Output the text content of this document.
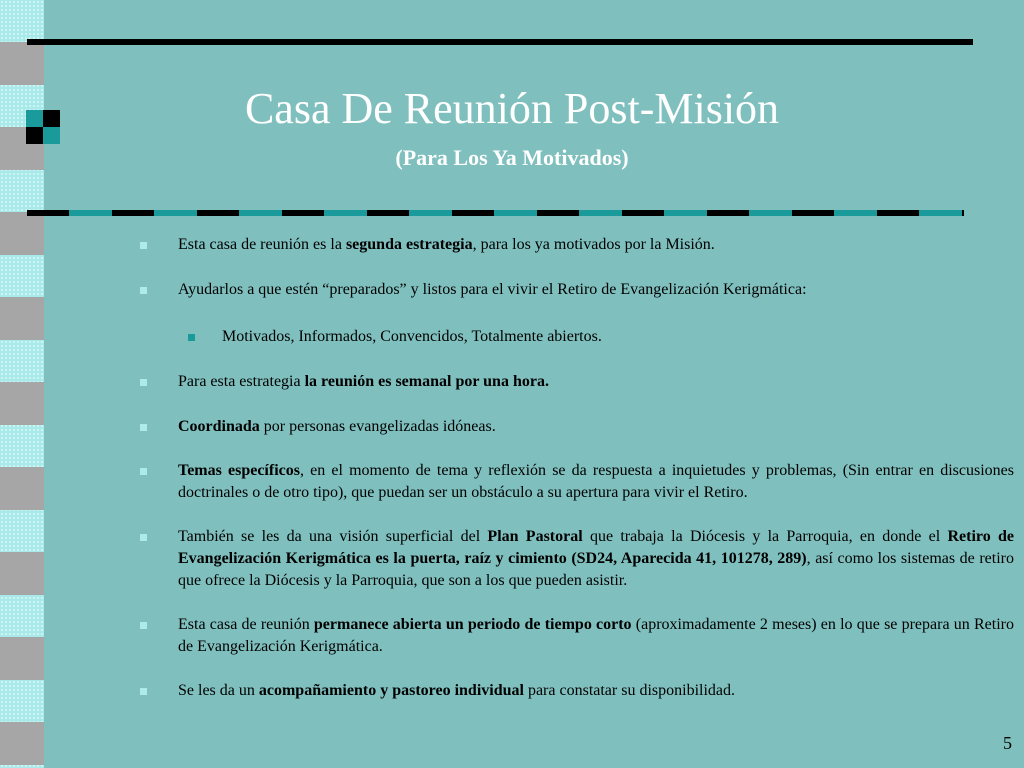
Casa De Reunión Post-Misión
(Para Los Ya Motivados)
Esta casa de reunión es la segunda estrategia, para los ya motivados por la Misión.
Ayudarlos a que estén “preparados” y listos para el vivir el Retiro de Evangelización Kerigmática:
Motivados, Informados, Convencidos, Totalmente abiertos.
Para esta estrategia la reunión es semanal por una hora.
Coordinada por personas evangelizadas idóneas.
Temas específicos, en el momento de tema y reflexión se da respuesta a inquietudes y problemas, (Sin entrar en discusiones doctrinales o de otro tipo), que puedan ser un obstáculo a su apertura para vivir el Retiro.
También se les da una visión superficial del Plan Pastoral que trabaja la Diócesis y la Parroquia, en donde el Retiro de Evangelización Kerigmática es la puerta, raíz y cimiento (SD24, Aparecida 41, 101278, 289), así como los sistemas de retiro que ofrece la Diócesis y la Parroquia, que son a los que pueden asistir.
Esta casa de reunión permanece abierta un periodo de tiempo corto (aproximadamente 2 meses) en lo que se prepara un Retiro de Evangelización Kerigmática.
Se les da un acompañamiento y pastoreo individual para constatar su disponibilidad.
5
